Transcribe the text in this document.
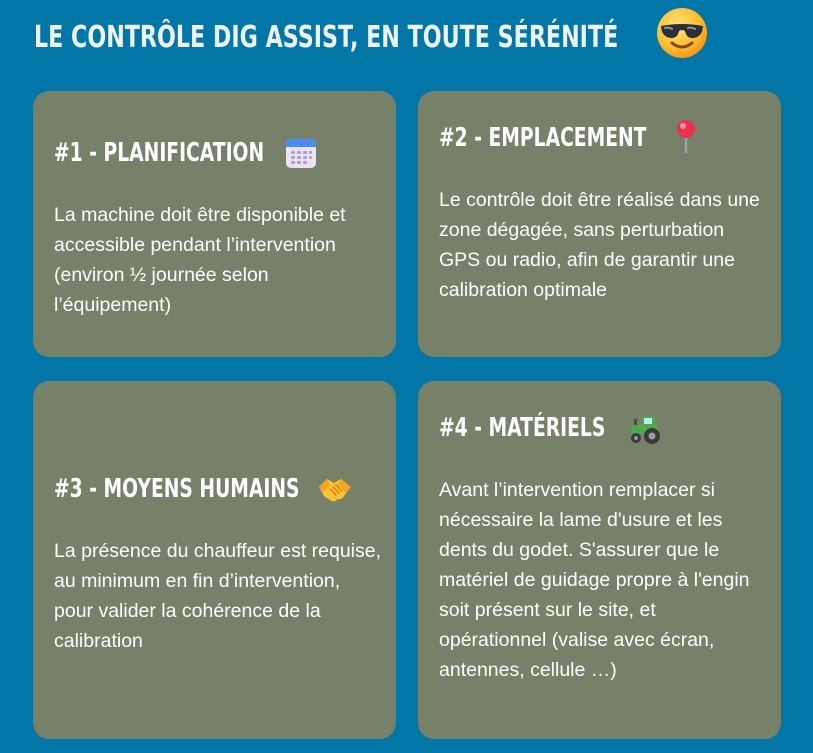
LE CONTRÔLE DIG ASSIST, EN TOUTE SÉRÉNITÉ
#1 - PLANIFICATION

La machine doit être disponible et accessible pendant l’intervention (environ ½ journée selon l’équipement)

#2 - EMPLACEMENT

Le contrôle doit être réalisé dans une zone dégagée, sans perturbation GPS ou radio, afin de garantir une calibration optimale

#3 - MOYENS HUMAINS

La présence du chauffeur est requise, au minimum en fin d’intervention, pour valider la cohérence de la calibration

#4 - MATÉRIELS

Avant l’intervention remplacer si nécessaire la lame d'usure et les dents du godet. S'assurer que le matériel de guidage propre à l'engin soit présent sur le site, et opérationnel (valise avec écran, antennes, cellule …)
